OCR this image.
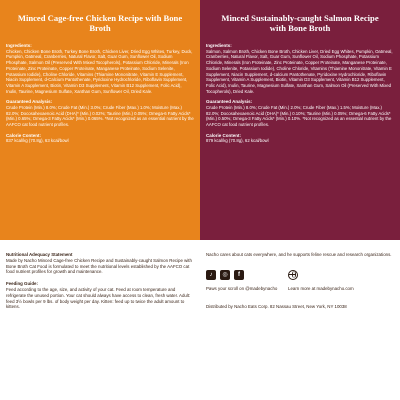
Minced Cage-free Chicken Recipe with Bone Broth
Ingredients:
Chicken, Chicken Bone Broth, Turkey Bone Broth, Chicken Liver, Dried Egg Whites, Turkey, Duck, Pumpkin, Oatmeal, Cranberries, Natural Flavor, Salt, Guar Gum, Sunflower Oil, Sodium Phosphate, Salmon Oil (Preserved With Mixed Tocopherols), Potassium Chloride, Minerals (Iron Proteinate, Zinc Proteinate, Copper Proteinate, Manganese Proteinate, Sodium Selenite, Potassium Iodide), Choline Chloride, Vitamins (Thiamine Mononitrate, Vitamin E Supplement, Niacin Supplement, d-Calcium Pantothenate, Pyridoxine Hydrochloride, Riboflavin Supplement, Vitamin A Supplement, Biotin, Vitamin D3 Supplement, Vitamin B12 Supplement, Folic Acid), Inulin, Taurine, Magnesium Sulfate, Xanthan Gum, Sunflower Oil, Dried Kale.
Guaranteed Analysis:
Crude Protein (Min.) 8.0%; Crude Fat (Min.) 3.0%; Crude Fiber (Max.) 1.0%; Moisture (Max.) 82.0%; Docosahexaenoic Acid (DHA)* (Min.) 0.02%; Taurine (Min.) 0.05%; Omega-6 Fatty Acids* (Min.) 0.65%; Omega-3 Fatty Acids* (Min.) 0.065%. *Not recognized as an essential nutrient by the AAFCO cat food nutrient profiles.
Calorie Content:
837 kcal/kg (70.8g), 63 kcal/bowl
Minced Sustainably-caught Salmon Recipe with Bone Broth
Ingredients:
Salmon, Salmon Broth, Chicken Bone Broth, Chicken Liver, Dried Egg Whites, Pumpkin, Oatmeal, Cranberries, Natural Flavor, Salt, Guar Gum, Sunflower Oil, Sodium Phosphate, Potassium Chloride, Minerals (Iron Proteinate, Zinc Proteinate, Copper Proteinate, Manganese Proteinate, Sodium Selenite, Potassium Iodide), Choline Chloride, Vitamins (Thiamine Mononitrate, Vitamin E Supplement, Niacin Supplement, d-calcium Pantothenate, Pyridoxine Hydrochloride, Riboflavin Supplement, Vitamin A Supplement, Biotin, Vitamin D3 Supplement, Vitamin B12 Supplement, Folic Acid), Inulin, Taurine, Magnesium Sulfate, Xanthan Gum, Salmon Oil (Preserved With Mixed Tocopherols), Dried Kale.
Guaranteed Analysis:
Crude Protein (Min.) 8.0%; Crude Fat (Min.) 2.0%; Crude Fiber (Max.) 1.5%; Moisture (Max.) 82.0%; Docosahexaenoic Acid (DHA)* (Min.) 0.10%; Taurine (Min.) 0.05%; Omega-6 Fatty Acids* (Min.) 0.50%; Omega-3 Fatty Acids* (Min.) 0.10%. *Not recognized as an essential nutrient by the AAFCO cat food nutrient profiles.
Calorie Content:
879 kcal/kg (70.8g), 62 kcal/bowl
Nutritional Adequacy Statement
Made by Nacho Minced Cage-free Chicken Recipe and Sustainably-caught Salmon Recipe with Bone Broth Cat Food is formulated to meet the nutritional levels established by the AAFCO cat food nutrient profiles for growth and maintenance.
Feeding Guide:
Feed according to the age, size, and activity of your cat. Feed at room temperature and refrigerate the unused portion. Your cat should always have access to clean, fresh water. Adult: feed 3½ bowls per 9 lbs. of body weight per day. Kitten: feed up to twice the adult amount to kittens.
Nacho cares about cats everywhere, and he supports feline rescue and research organizations.
♪	◎	f
Paws your scroll on @madebynacho	Learn more at madebynacho.com
Distributed by Nacho Eats Corp. 82 Nassau Street, New York, NY 10038
